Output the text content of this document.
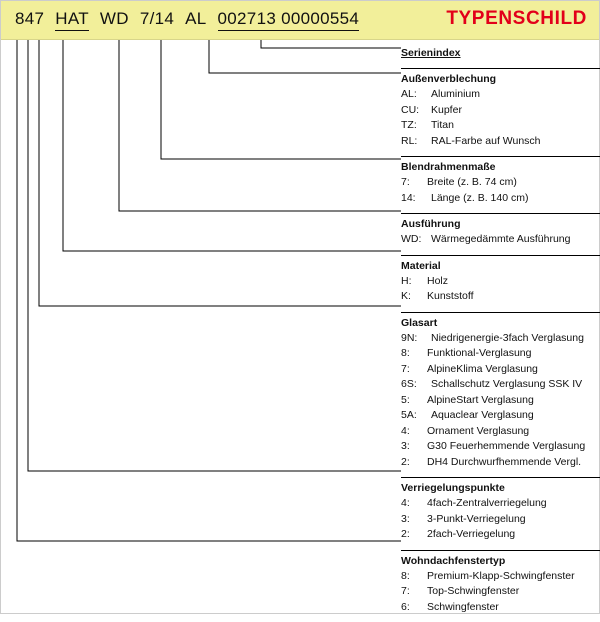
847 HAT WD 7/14 AL 002713 00000554	TYPENSCHILD
Serienindex
Außenverblechung
AL:	Aluminium
CU:	Kupfer
TZ:	Titan
RL:	RAL-Farbe auf Wunsch
Blendrahmenmaße
7:	Breite (z. B. 74 cm)
14:	Länge (z. B. 140 cm)
Ausführung
WD: Wärmegedämmte Ausführung
Material
H:	Holz
K:	Kunststoff
Glasart
9N:	Niedrigenergie-3fach Verglasung
8:	Funktional-Verglasung
7:	AlpineKlima Verglasung
6S:	Schallschutz Verglasung SSK IV
5:	AlpineStart Verglasung
5A:	Aquaclear Verglasung
4:	Ornament Verglasung
3:	G30 Feuerhemmende Verglasung
2:	DH4 Durchwurfhemmende Vergl.
Verriegelungspunkte
4:	4fach-Zentralverriegelung
3:	3-Punkt-Verriegelung
2:	2fach-Verriegelung
Wohndachfenstertyp
8:	Premium-Klapp-Schwingfenster
7:	Top-Schwingfenster
6:	Schwingfenster
